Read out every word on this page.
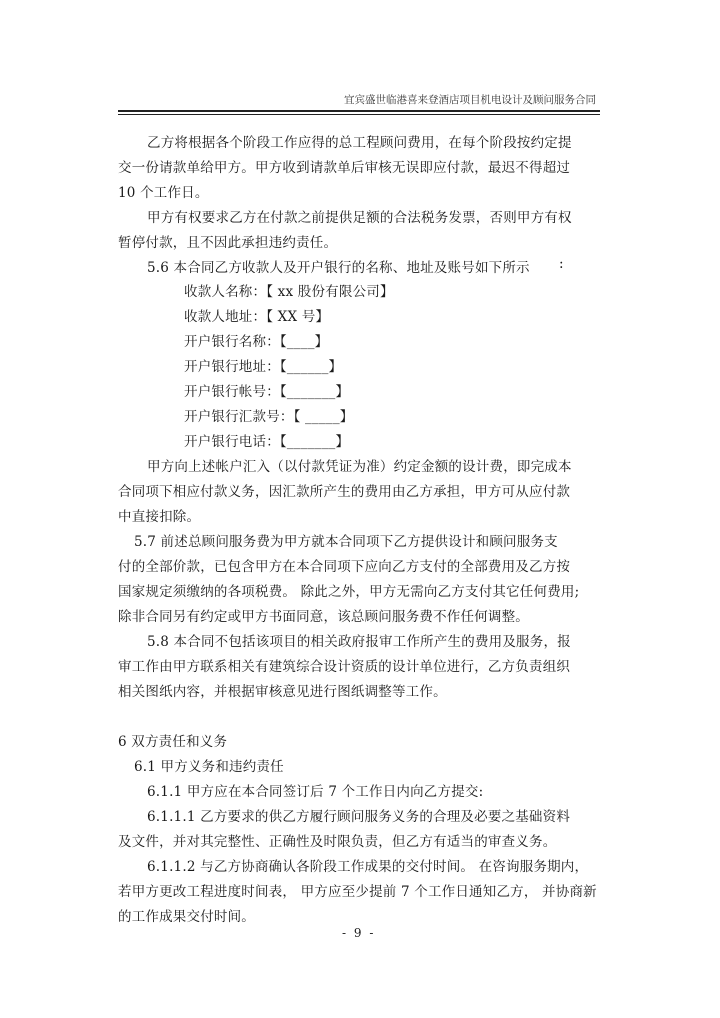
宜宾盛世临港喜来登酒店项目机电设计及顾问服务合同
乙方将根据各个阶段工作应得的总工程顾问费用，在每个阶段按约定提
交一份请款单给甲方。甲方收到请款单后审核无误即应付款，最迟不得超过
10 个工作日。
甲方有权要求乙方在付款之前提供足额的合法税务发票，否则甲方有权
暂停付款，且不因此承担违约责任。
5.6 本合同乙方收款人及开户银行的名称、地址及账号如下所示 :
收款人名称：【 xx 股份有限公司】
收款人地址：【 XX 号】
开户银行名称：【____】
开户银行地址：【______】
开户银行帐号：【_______】
开户银行汇款号：【 _____】
开户银行电话：【_______】
甲方向上述帐户汇入（以付款凭证为准）约定金额的设计费，即完成本
合同项下相应付款义务，因汇款所产生的费用由乙方承担，甲方可从应付款
中直接扣除。
5.7 前述总顾问服务费为甲方就本合同项下乙方提供设计和顾问服务支
付的全部价款，已包含甲方在本合同项下应向乙方支付的全部费用及乙方按
国家规定须缴纳的各项税费。 除此之外，甲方无需向乙方支付其它任何费用;
除非合同另有约定或甲方书面同意，该总顾问服务费不作任何调整。
5.8 本合同不包括该项目的相关政府报审工作所产生的费用及服务，报
审工作由甲方联系相关有建筑综合设计资质的设计单位进行，乙方负责组织
相关图纸内容，并根据审核意见进行图纸调整等工作。
6 双方责任和义务
6.1 甲方义务和违约责任
6.1.1 甲方应在本合同签订后 7 个工作日内向乙方提交:
6.1.1.1 乙方要求的供乙方履行顾问服务义务的合理及必要之基础资料
及文件，并对其完整性、正确性及时限负责，但乙方有适当的审查义务。
6.1.1.2 与乙方协商确认各阶段工作成果的交付时间。 在咨询服务期内，
若甲方更改工程进度时间表， 甲方应至少提前 7 个工作日通知乙方， 并协商新
的工作成果交付时间。
- 9 -
